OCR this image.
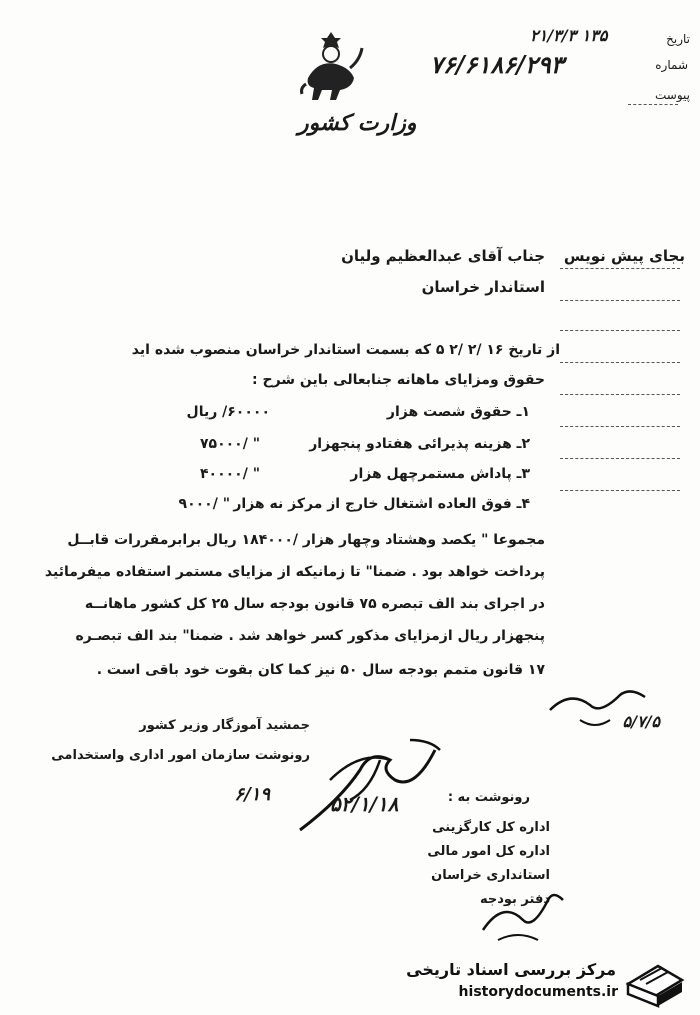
وزارت کشور
تاریخ
۲۱/۳/۳ ۱۳۵
شماره
۷۶/۶۱۸۶/۲۹۳
پیوست
بجای پیش نویس
جناب آقای عبدالعظیم ولیان
استاندار خراسان
از تاریخ ۱۶ /۲ /۲ ۵ که بسمت استاندار خراسان منصوب شده اید
حقوق ومزایای ماهانه جنابعالی باین شرح :
۱ـ حقوق شصت هزار
۶۰۰۰۰/ ریال
۲ـ هزینه پذیرائی هفتادو پنجهزار
۷۵۰۰۰/ "
۳ـ پاداش مستمرچهل هزار
۴۰۰۰۰/ "
۴ـ فوق العاده اشتغال خارج از مرکز نه هزار
۹۰۰۰/ "
مجموعا " یکصد وهشتاد وچهار هزار /۱۸۴۰۰۰ ریال برابرمقررات قابــل
پرداخت خواهد بود . ضمنا" تا زمانیکه از مزایای مستمر استفاده میفرمائید
در اجرای بند الف تبصره ۷۵ قانون بودجه سال ۲۵ کل کشور ماهانــه
پنجهزار ریال ازمزایای مذکور کسر خواهد شد . ضمنا" بند الف تبصـره
۱۷ قانون متمم بودجه سال ۵۰ نیز کما کان بقوت خود باقی است .
۵/۷/۵
جمشید آموزگار وزیر کشور
رونوشت سازمان امور اداری واستخدامی
۶/۱۹	۵۲/۱/۱۸	رونوشت به :
اداره کل کارگزینی
اداره کل امور مالی
استانداری خراسان
دفتر بودجه
مرکز بررسی اسناد تاریخی
historydocuments.ir
